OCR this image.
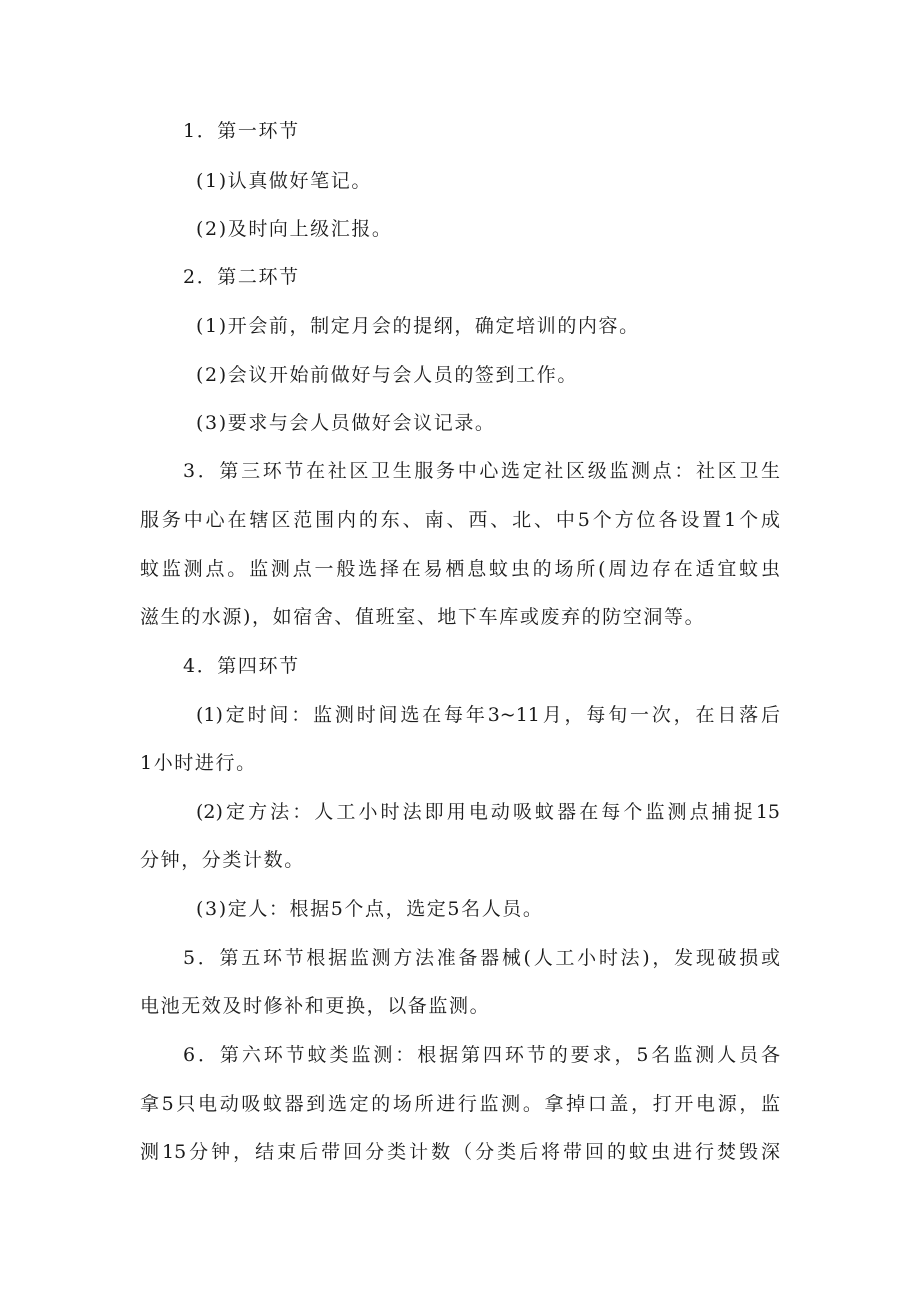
1．第一环节
(1)认真做好笔记。
(2)及时向上级汇报。
2．第二环节
(1)开会前，制定月会的提纲，确定培训的内容。
(2)会议开始前做好与会人员的签到工作。
(3)要求与会人员做好会议记录。
3．第三环节在社区卫生服务中心选定社区级监测点：社区卫生
服务中心在辖区范围内的东、南、西、北、中5个方位各设置1个成
蚊监测点。监测点一般选择在易栖息蚊虫的场所(周边存在适宜蚊虫
滋生的水源)，如宿舍、值班室、地下车库或废弃的防空洞等。
4．第四环节
(1)定时间：监测时间选在每年3~11月，每旬一次，在日落后
1小时进行。
(2)定方法：人工小时法即用电动吸蚊器在每个监测点捕捉15
分钟，分类计数。
(3)定人：根据5个点，选定5名人员。
5．第五环节根据监测方法准备器械(人工小时法)，发现破损或
电池无效及时修补和更换，以备监测。
6．第六环节蚊类监测：根据第四环节的要求，5名监测人员各
拿5只电动吸蚊器到选定的场所进行监测。拿掉口盖，打开电源，监
测15分钟，结束后带回分类计数（分类后将带回的蚊虫进行焚毁深
